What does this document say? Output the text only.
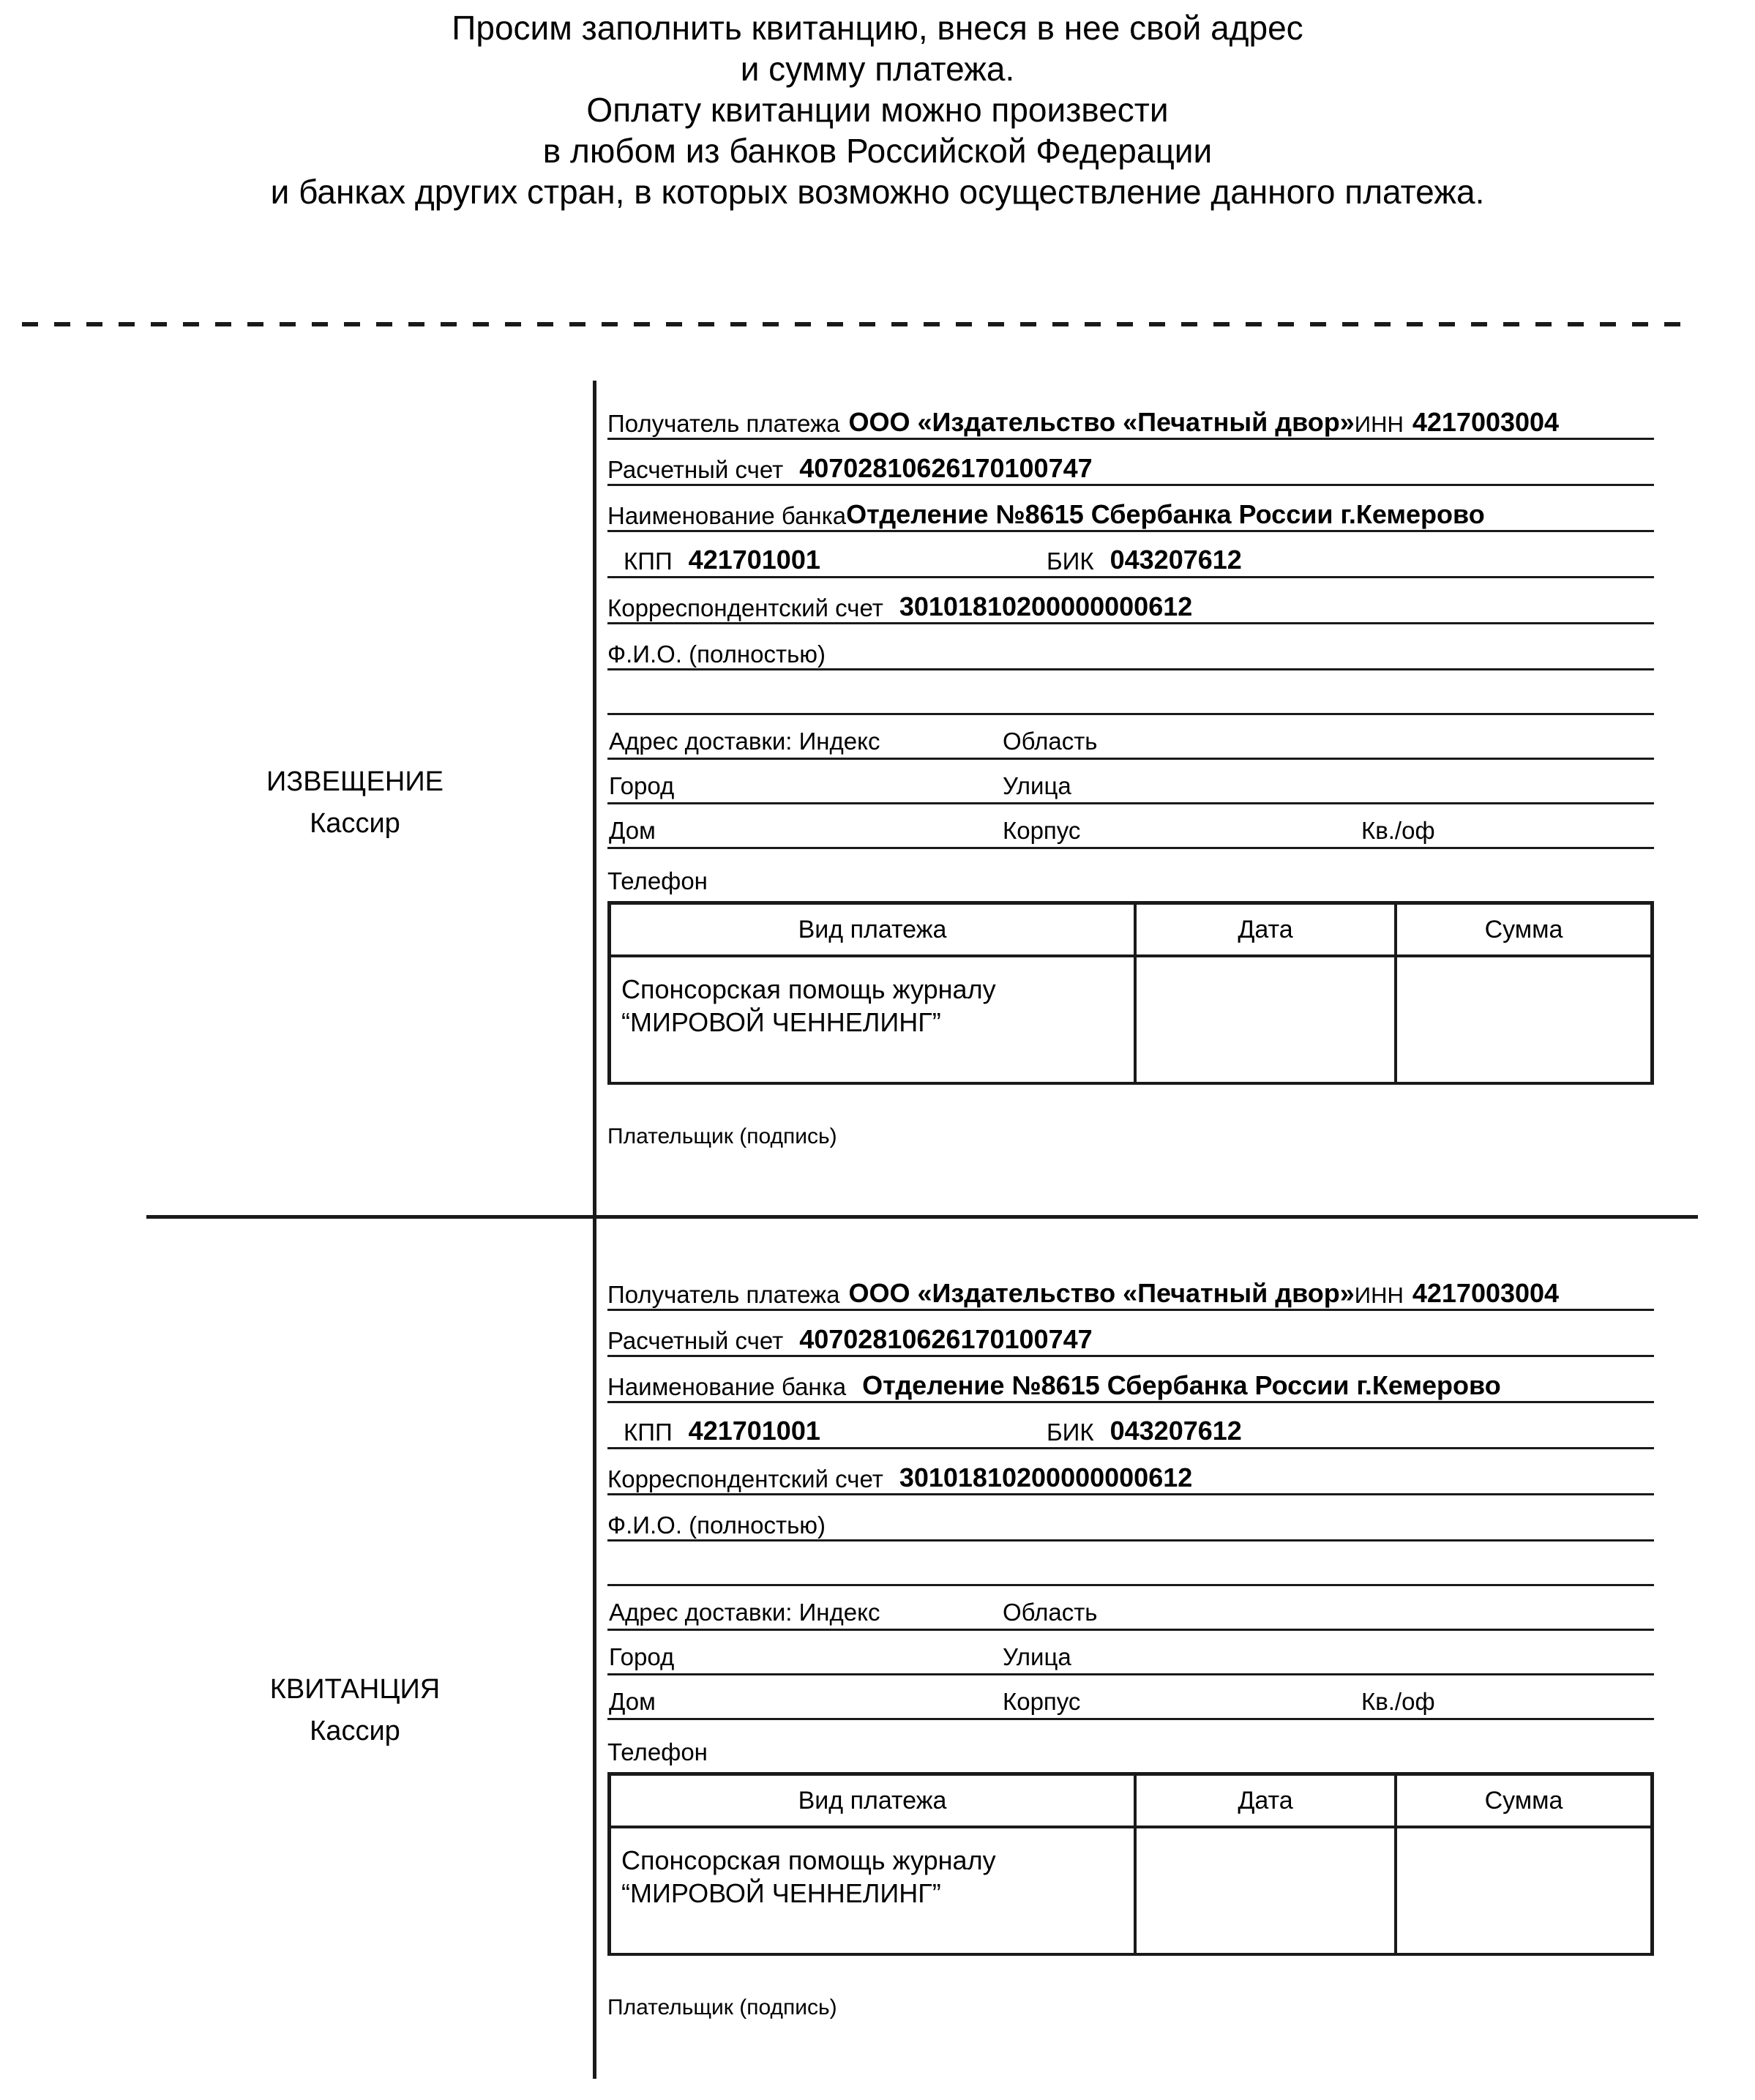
Просим заполнить квитанцию, внеся в нее свой адрес
и сумму платежа.
Оплату квитанции можно произвести
в любом из банков Российской Федерации
и банках других стран, в которых возможно осуществление данного платежа.
ИЗВЕЩЕНИЕ
Кассир
Получатель платежа ООО «Издательство «Печатный двор» ИНН 4217003004
Расчетный счет 40702810626170100747
Наименование банка Отделение №8615 Сбербанка России г.Кемерово
КПП 421701001	БИК 043207612
Корреспондентский счет 30101810200000000612
Ф.И.О. (полностью)
Адрес доставки: Индекс	Область
Город	Улица
Дом	Корпус	Кв./оф
Телефон
Вид платежа	Дата	Сумма
Спонсорская помощь журналу
“МИРОВОЙ ЧЕННЕЛИНГ”
Плательщик (подпись)
КВИТАНЦИЯ
Кассир
Получатель платежа ООО «Издательство «Печатный двор» ИНН 4217003004
Расчетный счет 40702810626170100747
Наименование банка Отделение №8615 Сбербанка России г.Кемерово
КПП 421701001	БИК 043207612
Корреспондентский счет 30101810200000000612
Ф.И.О. (полностью)
Адрес доставки: Индекс	Область
Город	Улица
Дом	Корпус	Кв./оф
Телефон
Вид платежа	Дата	Сумма
Спонсорская помощь журналу
“МИРОВОЙ ЧЕННЕЛИНГ”
Плательщик (подпись)
